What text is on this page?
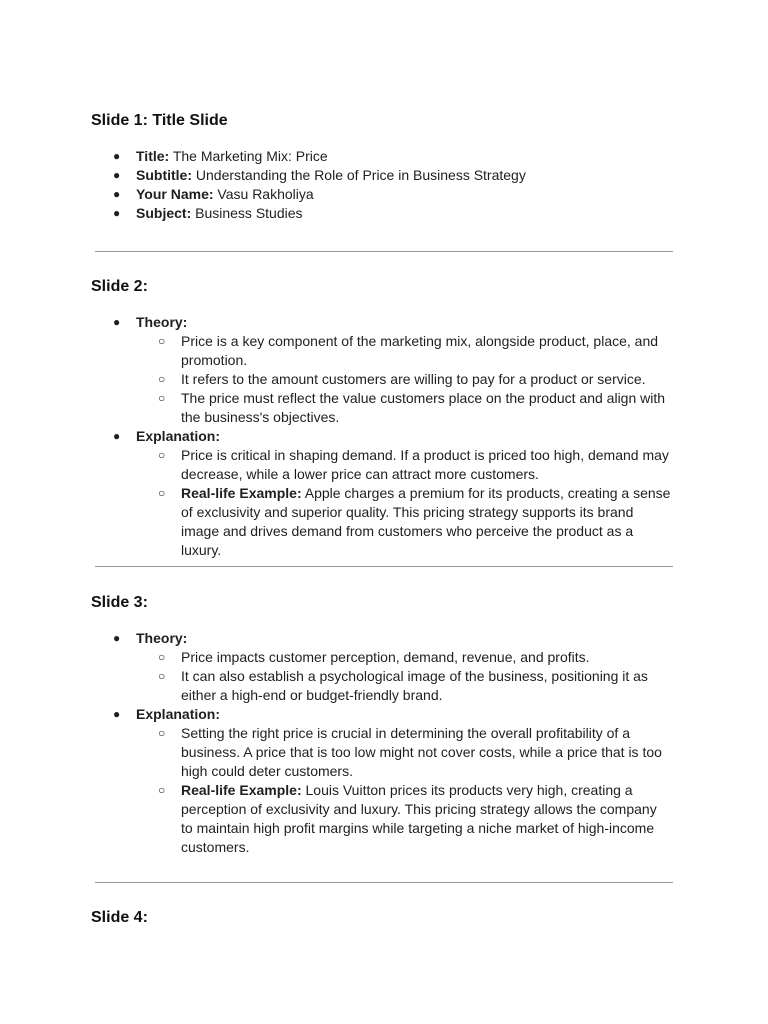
Slide 1: Title Slide
● Title: The Marketing Mix: Price
● Subtitle: Understanding the Role of Price in Business Strategy
● Your Name: Vasu Rakholiya
● Subject: Business Studies
Slide 2:
● Theory:
○ Price is a key component of the marketing mix, alongside product, place, and promotion.
○ It refers to the amount customers are willing to pay for a product or service.
○ The price must reflect the value customers place on the product and align with the business's objectives.
● Explanation:
○ Price is critical in shaping demand. If a product is priced too high, demand may decrease, while a lower price can attract more customers.
○ Real-life Example: Apple charges a premium for its products, creating a sense of exclusivity and superior quality. This pricing strategy supports its brand image and drives demand from customers who perceive the product as a luxury.
Slide 3:
● Theory:
○ Price impacts customer perception, demand, revenue, and profits.
○ It can also establish a psychological image of the business, positioning it as either a high-end or budget-friendly brand.
● Explanation:
○ Setting the right price is crucial in determining the overall profitability of a business. A price that is too low might not cover costs, while a price that is too high could deter customers.
○ Real-life Example: Louis Vuitton prices its products very high, creating a perception of exclusivity and luxury. This pricing strategy allows the company to maintain high profit margins while targeting a niche market of high-income customers.
Slide 4:
